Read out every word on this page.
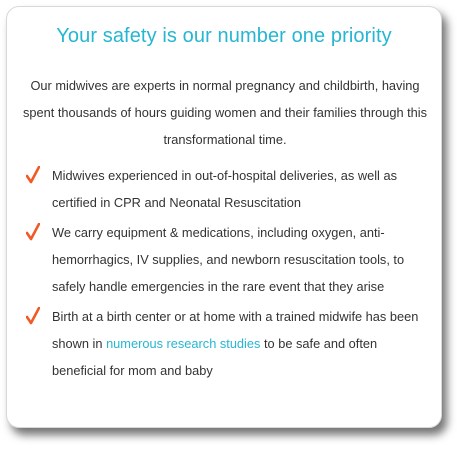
Your safety is our number one priority
Our midwives are experts in normal pregnancy and childbirth, having spent thousands of hours guiding women and their families through this transformational time.
Midwives experienced in out-of-hospital deliveries, as well as certified in CPR and Neonatal Resuscitation
We carry equipment & medications, including oxygen, anti-hemorrhagics, IV supplies, and newborn resuscitation tools, to safely handle emergencies in the rare event that they arise
Birth at a birth center or at home with a trained midwife has been shown in numerous research studies to be safe and often beneficial for mom and baby
